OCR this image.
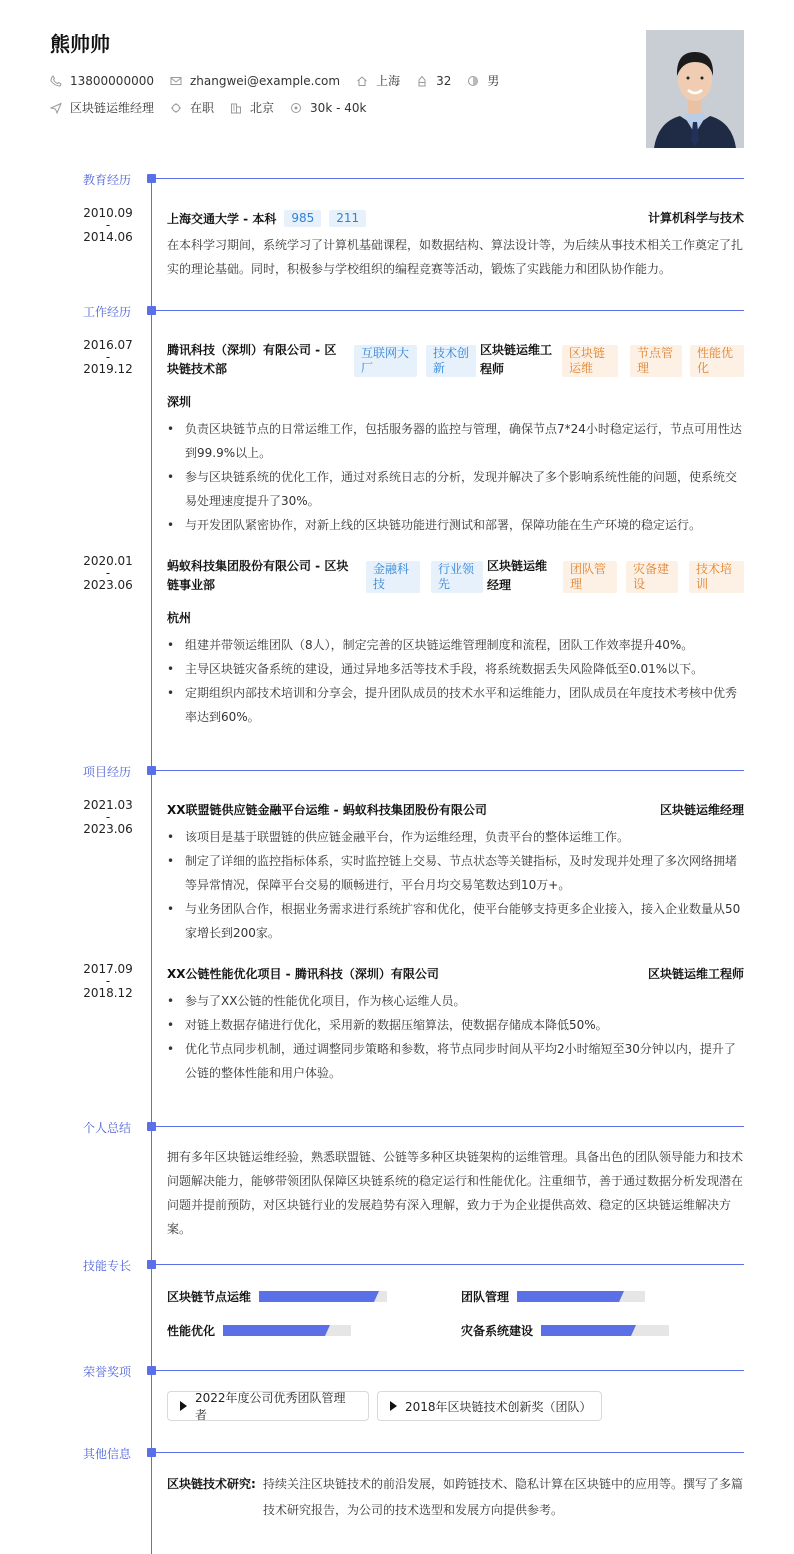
熊帅帅
13800000000	zhangwei@example.com	上海	32	男
区块链运维经理	在职	北京	30k - 40k
教育经历
2010.09
-
2014.06
上海交通大学 - 本科	985	211	计算机科学与技术
在本科学习期间，系统学习了计算机基础课程，如数据结构、算法设计等，为后续从事技术相关工作奠定了扎实的理论基础。同时，积极参与学校组织的编程竞赛等活动，锻炼了实践能力和团队协作能力。
工作经历
2016.07
-
2019.12
腾讯科技（深圳）有限公司 - 区块链技术部
互联网大厂
技术创新
区块链运维工程师
区块链运维
节点管理
性能优化
深圳
• 负责区块链节点的日常运维工作，包括服务器的监控与管理，确保节点7*24小时稳定运行，节点可用性达到99.9%以上。
• 参与区块链系统的优化工作，通过对系统日志的分析，发现并解决了多个影响系统性能的问题，使系统交易处理速度提升了30%。
• 与开发团队紧密协作，对新上线的区块链功能进行测试和部署，保障功能在生产环境的稳定运行。
2020.01
-
2023.06
蚂蚁科技集团股份有限公司 - 区块链事业部
金融科技
行业领先
区块链运维经理
团队管理
灾备建设
技术培训
杭州
• 组建并带领运维团队（8人），制定完善的区块链运维管理制度和流程，团队工作效率提升40%。
• 主导区块链灾备系统的建设，通过异地多活等技术手段，将系统数据丢失风险降低至0.01%以下。
• 定期组织内部技术培训和分享会，提升团队成员的技术水平和运维能力，团队成员在年度技术考核中优秀率达到60%。
项目经历
2021.03
-
2023.06
XX联盟链供应链金融平台运维 - 蚂蚁科技集团股份有限公司	区块链运维经理
• 该项目是基于联盟链的供应链金融平台，作为运维经理，负责平台的整体运维工作。
• 制定了详细的监控指标体系，实时监控链上交易、节点状态等关键指标，及时发现并处理了多次网络拥堵等异常情况，保障平台交易的顺畅进行，平台月均交易笔数达到10万+。
• 与业务团队合作，根据业务需求进行系统扩容和优化，使平台能够支持更多企业接入，接入企业数量从50家增长到200家。
2017.09
-
2018.12
XX公链性能优化项目 - 腾讯科技（深圳）有限公司	区块链运维工程师
• 参与了XX公链的性能优化项目，作为核心运维人员。
• 对链上数据存储进行优化，采用新的数据压缩算法，使数据存储成本降低50%。
• 优化节点同步机制，通过调整同步策略和参数，将节点同步时间从平均2小时缩短至30分钟以内，提升了公链的整体性能和用户体验。
个人总结
拥有多年区块链运维经验，熟悉联盟链、公链等多种区块链架构的运维管理。具备出色的团队领导能力和技术问题解决能力，能够带领团队保障区块链系统的稳定运行和性能优化。注重细节，善于通过数据分析发现潜在问题并提前预防，对区块链行业的发展趋势有深入理解，致力于为企业提供高效、稳定的区块链运维解决方案。
技能专长
区块链节点运维	团队管理
性能优化	灾备系统建设
荣誉奖项
2022年度公司优秀团队管理者
2018年区块链技术创新奖（团队）
其他信息
区块链技术研究: 持续关注区块链技术的前沿发展，如跨链技术、隐私计算在区块链中的应用等。撰写了多篇技术研究报告，为公司的技术选型和发展方向提供参考。
